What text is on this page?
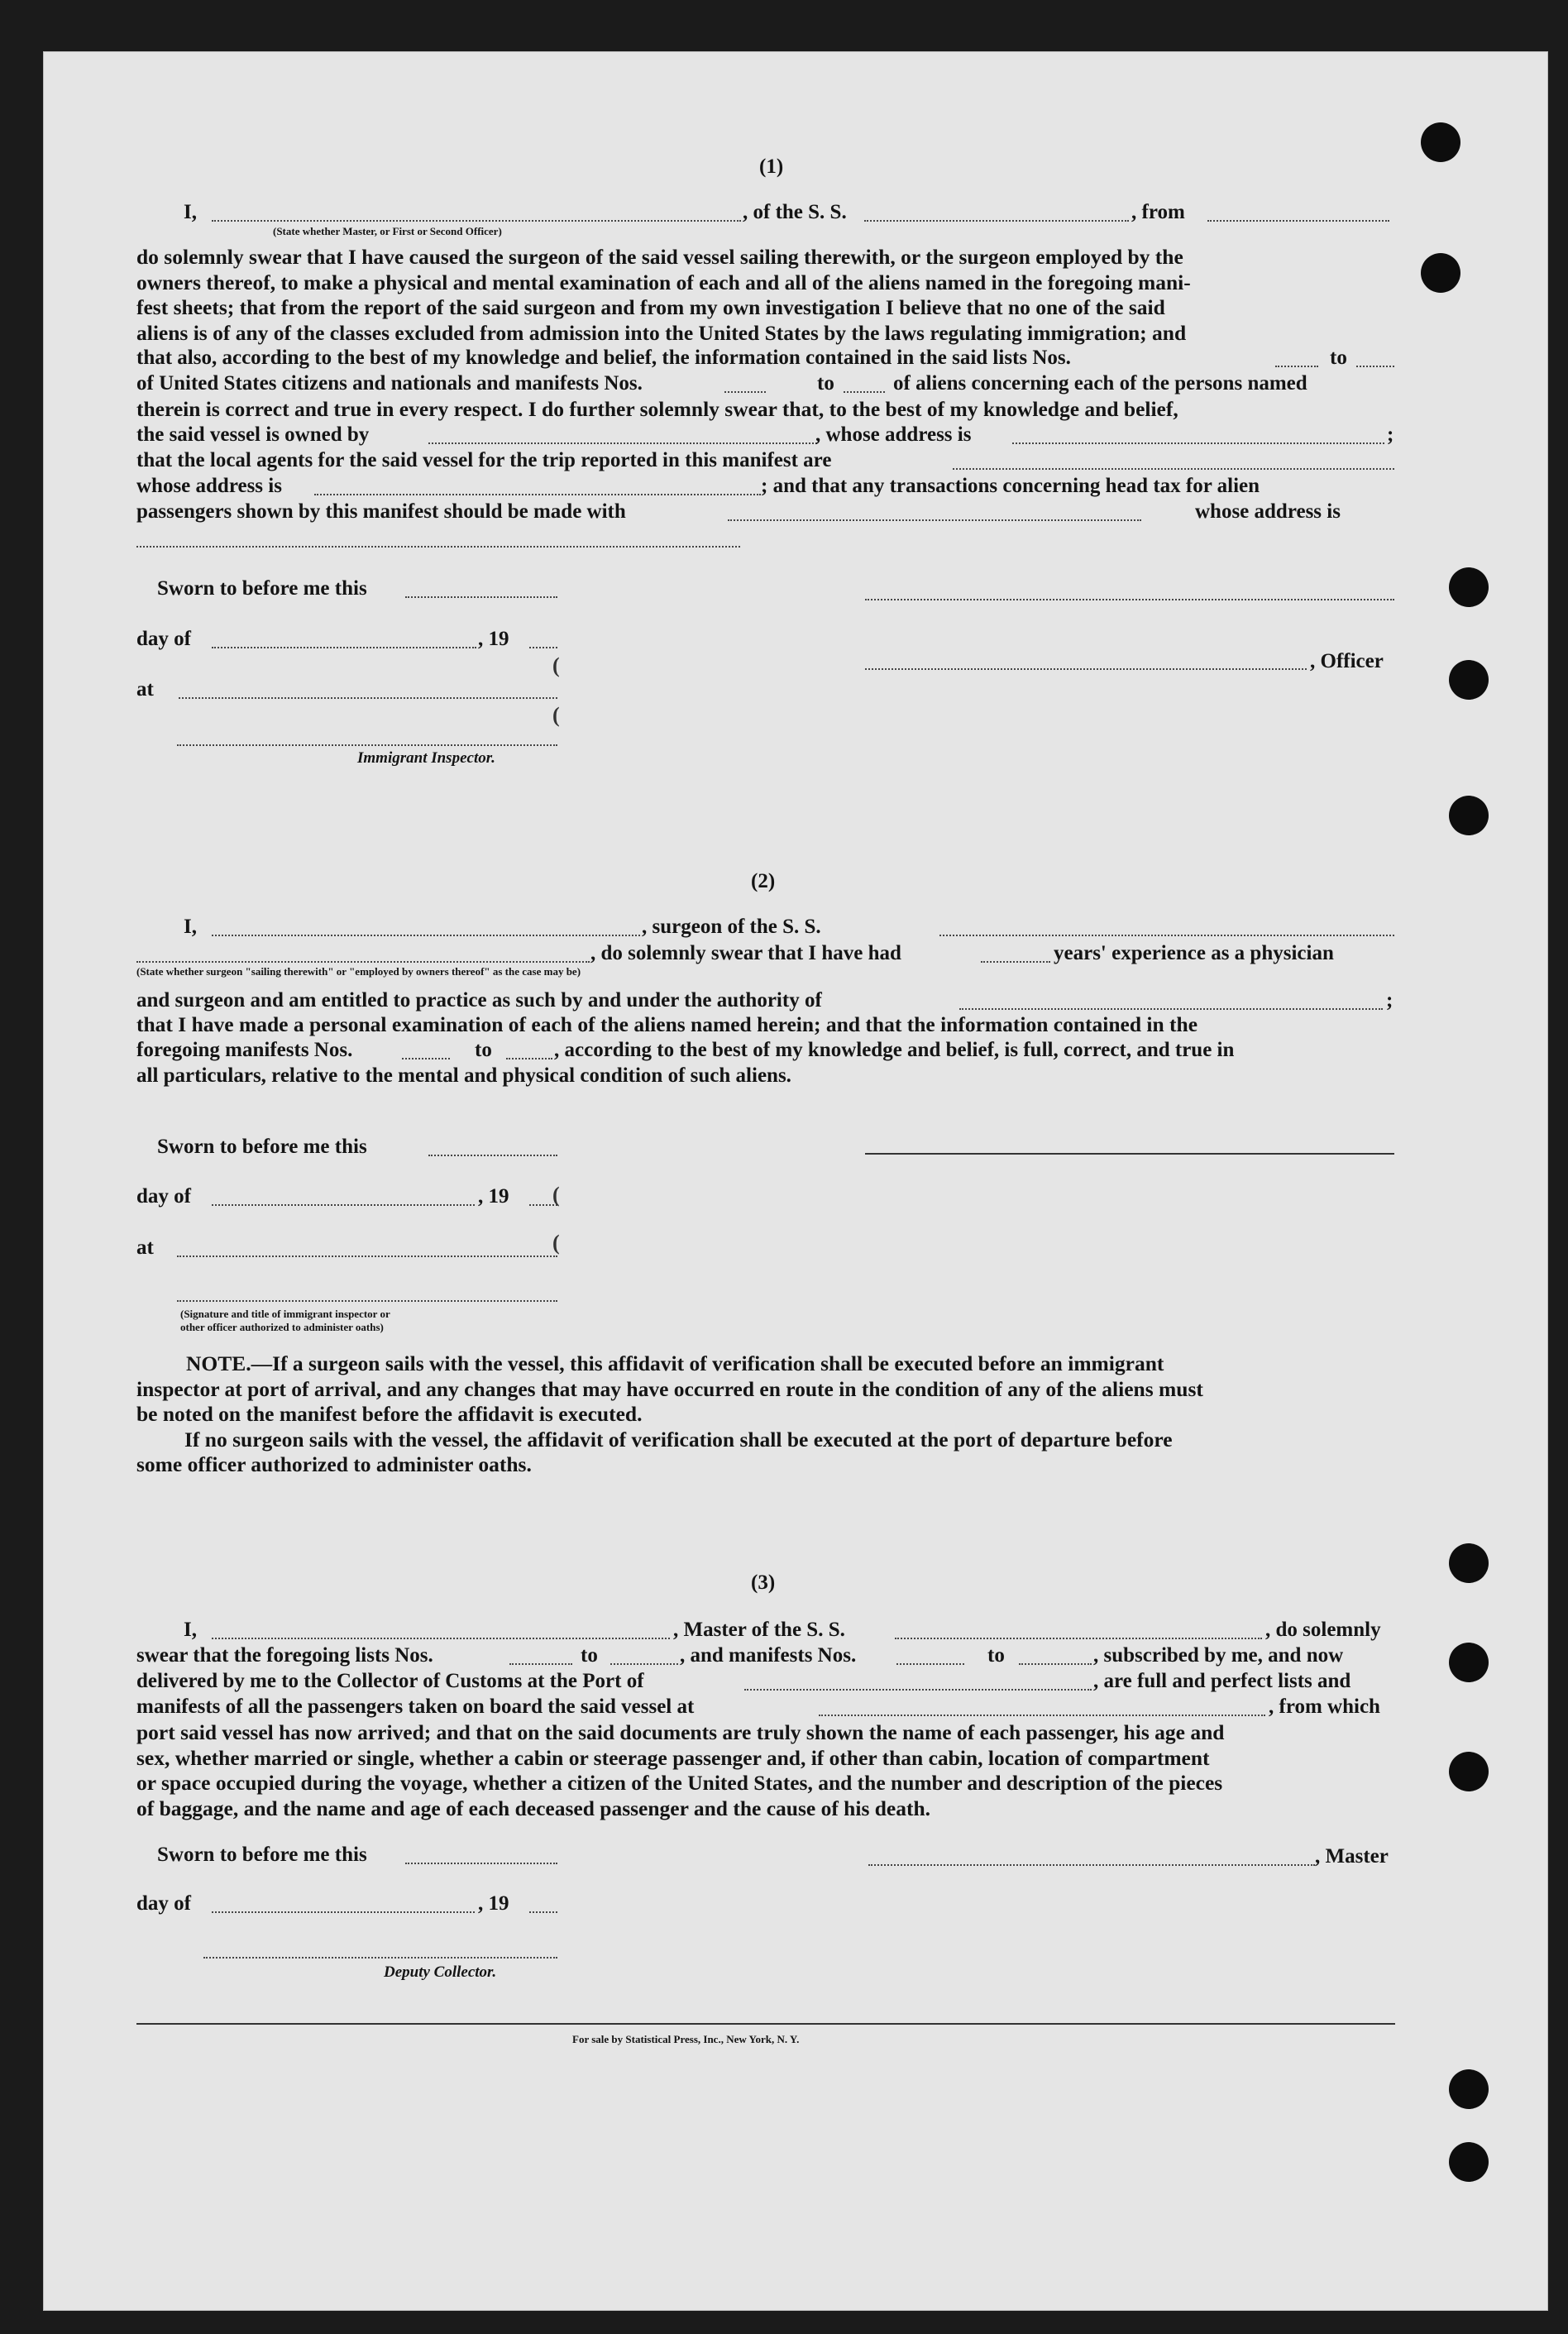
(1)
I,	, of the S. S.	, from
(State whether Master, or First or Second Officer)
do solemnly swear that I have caused the surgeon of the said vessel sailing therewith, or the surgeon employed by the
owners thereof, to make a physical and mental examination of each and all of the aliens named in the foregoing mani-
fest sheets; that from the report of the said surgeon and from my own investigation I believe that no one of the said
aliens is of any of the classes excluded from admission into the United States by the laws regulating immigration; and
that also, according to the best of my knowledge and belief, the information contained in the said lists Nos.	to
of United States citizens and nationals and manifests Nos.	to	of aliens concerning each of the persons named
therein is correct and true in every respect. I do further solemnly swear that, to the best of my knowledge and belief,
the said vessel is owned by	, whose address is	;
that the local agents for the said vessel for the trip reported in this manifest are
whose address is	; and that any transactions concerning head tax for alien
passengers shown by this manifest should be made with	whose address is
Sworn to before me this
day of	, 19
at
Immigrant Inspector.
(
(
, Officer
(2)
I,	, surgeon of the S. S.
, do solemnly swear that I have had	years' experience as a physician
(State whether surgeon "sailing therewith" or "employed by owners thereof" as the case may be)
and surgeon and am entitled to practice as such by and under the authority of	;
that I have made a personal examination of each of the aliens named herein; and that the information contained in the
foregoing manifests Nos.	to	, according to the best of my knowledge and belief, is full, correct, and true in
all particulars, relative to the mental and physical condition of such aliens.
Sworn to before me this
day of	, 19
at
(Signature and title of immigrant inspector or
other officer authorized to administer oaths)
(
(
NOTE.—If a surgeon sails with the vessel, this affidavit of verification shall be executed before an immigrant
inspector at port of arrival, and any changes that may have occurred en route in the condition of any of the aliens must
be noted on the manifest before the affidavit is executed.
If no surgeon sails with the vessel, the affidavit of verification shall be executed at the port of departure before
some officer authorized to administer oaths.
(3)
I,	, Master of the S. S.	, do solemnly
swear that the foregoing lists Nos.	to	, and manifests Nos.	to	, subscribed by me, and now
delivered by me to the Collector of Customs at the Port of	, are full and perfect lists and
manifests of all the passengers taken on board the said vessel at	, from which
port said vessel has now arrived; and that on the said documents are truly shown the name of each passenger, his age and
sex, whether married or single, whether a cabin or steerage passenger and, if other than cabin, location of compartment
or space occupied during the voyage, whether a citizen of the United States, and the number and description of the pieces
of baggage, and the name and age of each deceased passenger and the cause of his death.
Sworn to before me this
day of	, 19
Deputy Collector.
, Master
For sale by Statistical Press, Inc., New York, N. Y.
